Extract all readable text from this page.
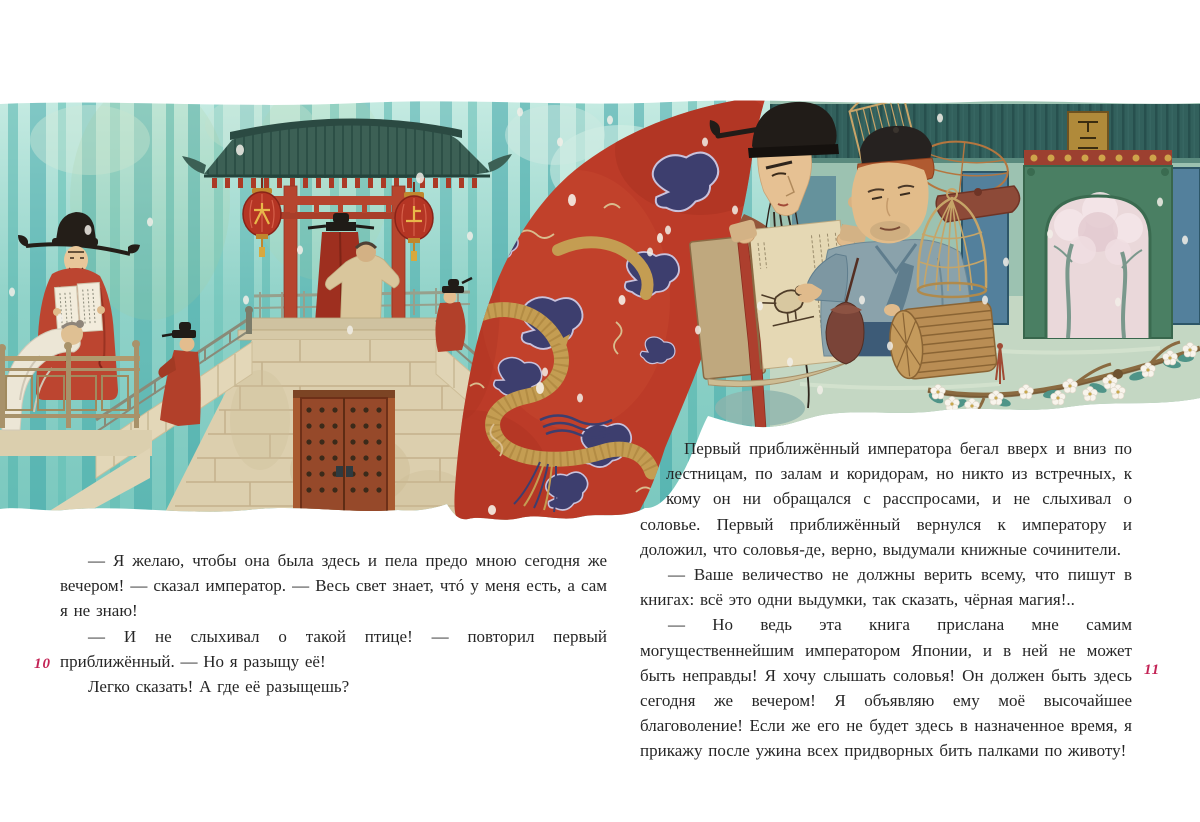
— Я желаю, чтобы она была здесь и пела предо мною сегодня же вечером! — сказал император. — Весь свет знает, чтó у меня есть, а сам я не знаю!

— И не слыхивал о такой птице! — повторил первый приближённый. — Но я разыщу её!

Легко сказать! А где её разыщешь?

Первый приближённый императора бегал вверх и вниз по лестницам, по залам и коридорам, но никто из встречных, к кому он ни обращался с расспросами, и не слыхивал о соловье. Первый приближённый вернулся к императору и доложил, что соловья-де, верно, выдумали книжные сочинители.

— Ваше величество не должны верить всему, что пишут в книгах: всё это одни выдумки, так сказать, чёрная магия!..

— Но ведь эта книга прислана мне самим могущественнейшим императором Японии, и в ней не может быть неправды! Я хочу слышать соловья! Он должен быть здесь сегодня же вечером! Я объявляю ему моё высочайшее благоволение! Если же его не будет здесь в назначенное время, я прикажу после ужина всех придворных бить палками по животу!

10	11
